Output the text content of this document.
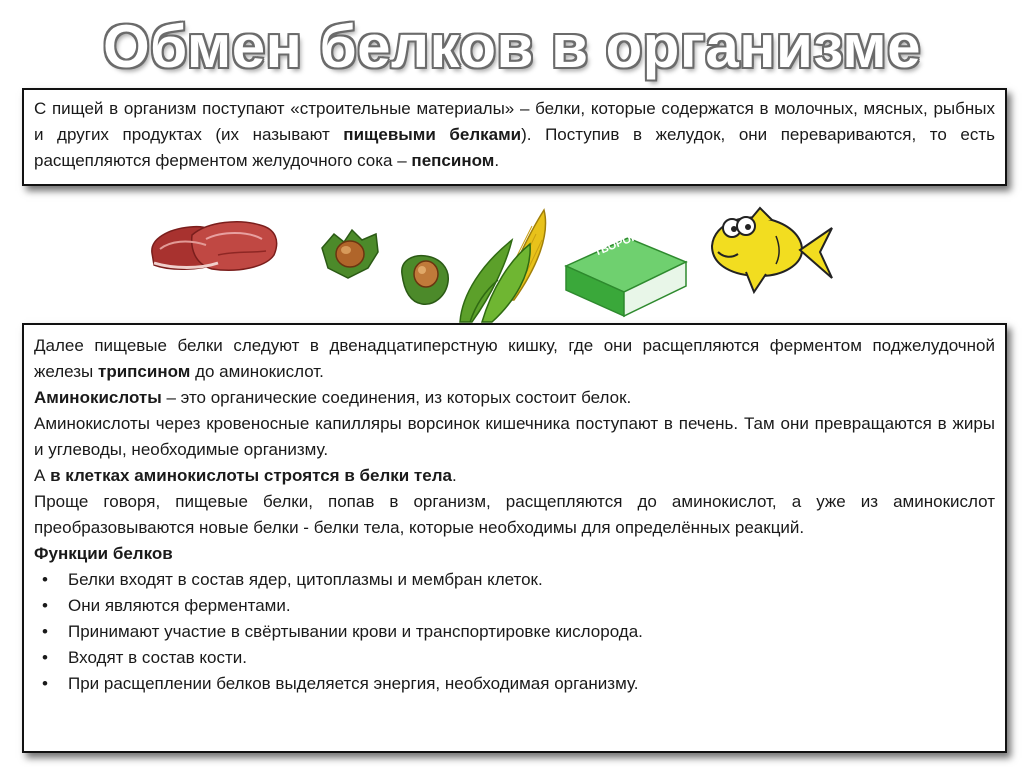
Обмен белков в организме

С пищей в организм поступают «строительные материалы» – белки, которые содержатся в молочных, мясных, рыбных и других продуктах (их называют пищевыми белками). Поступив в желудок, они перевариваются, то есть расщепляются ферментом желудочного сока – пепсином.

ТВОРОГ

Далее пищевые белки следуют в двенадцатиперстную кишку, где они расщепляются ферментом поджелудочной железы трипсином до аминокислот.

Аминокислоты – это органические соединения, из которых состоит белок.

Аминокислоты через кровеносные капилляры ворсинок кишечника поступают в печень. Там они превращаются в жиры и углеводы, необходимые организму.

А в клетках аминокислоты строятся в белки тела.

Проще говоря, пищевые белки, попав в организм, расщепляются до аминокислот, а уже из аминокислот преобразовываются новые белки - белки тела, которые необходимы для определённых реакций.

Функции белков

• Белки входят в состав ядер, цитоплазмы и мембран клеток.
• Они являются ферментами.
• Принимают участие в свёртывании крови и транспортировке кислорода.
• Входят в состав кости.
• При расщеплении белков выделяется энергия, необходимая организму.
